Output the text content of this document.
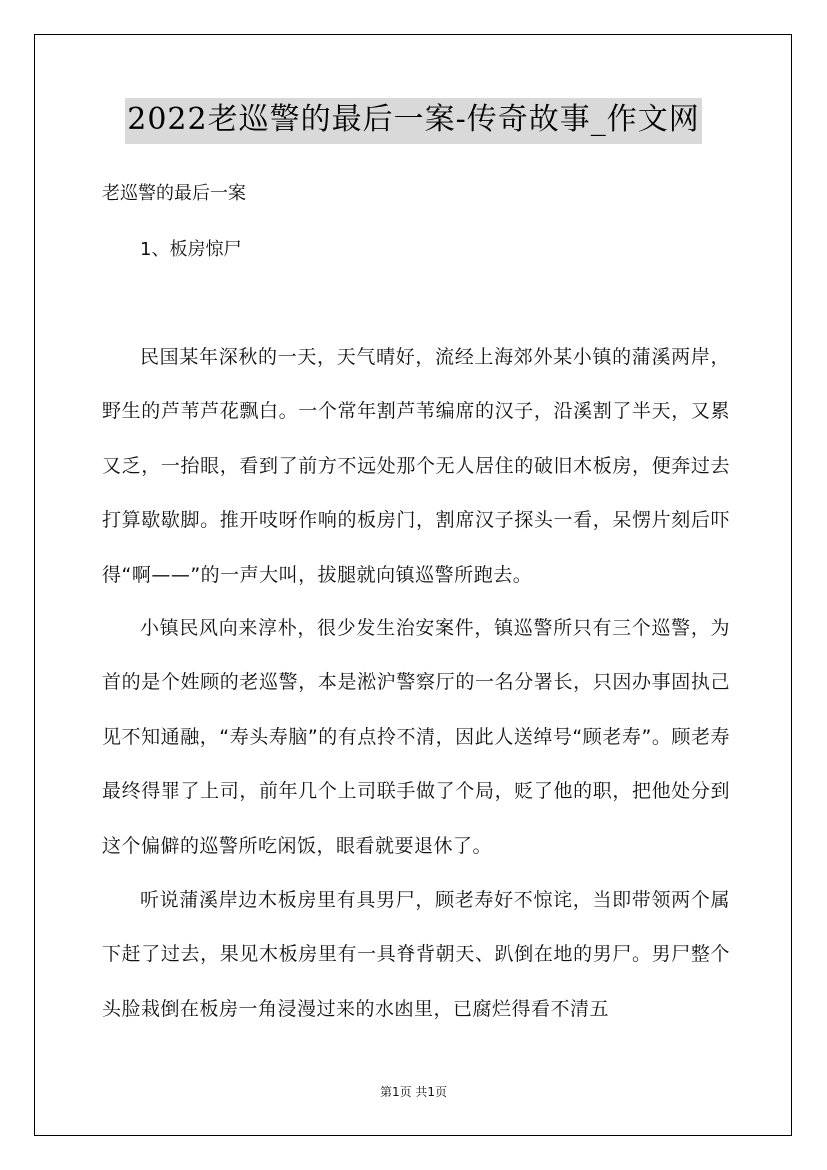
2022老巡警的最后一案-传奇故事_作文网
老巡警的最后一案
1、板房惊尸

民国某年深秋的一天，天气晴好，流经上海郊外某小镇的蒲溪两岸，野生的芦苇芦花飘白。一个常年割芦苇编席的汉子，沿溪割了半天，又累又乏，一抬眼，看到了前方不远处那个无人居住的破旧木板房，便奔过去打算歇歇脚。推开吱呀作响的板房门，割席汉子探头一看，呆愣片刻后吓得“啊——”的一声大叫，拔腿就向镇巡警所跑去。

小镇民风向来淳朴，很少发生治安案件，镇巡警所只有三个巡警，为首的是个姓顾的老巡警，本是淞沪警察厅的一名分署长，只因办事固执己见不知通融，“寿头寿脑”的有点拎不清，因此人送绰号“顾老寿”。顾老寿最终得罪了上司，前年几个上司联手做了个局，贬了他的职，把他处分到这个偏僻的巡警所吃闲饭，眼看就要退休了。

听说蒲溪岸边木板房里有具男尸，顾老寿好不惊诧，当即带领两个属下赶了过去，果见木板房里有一具脊背朝天、趴倒在地的男尸。男尸整个头脸栽倒在板房一角浸漫过来的水凼里，已腐烂得看不清五

第1页 共1页
